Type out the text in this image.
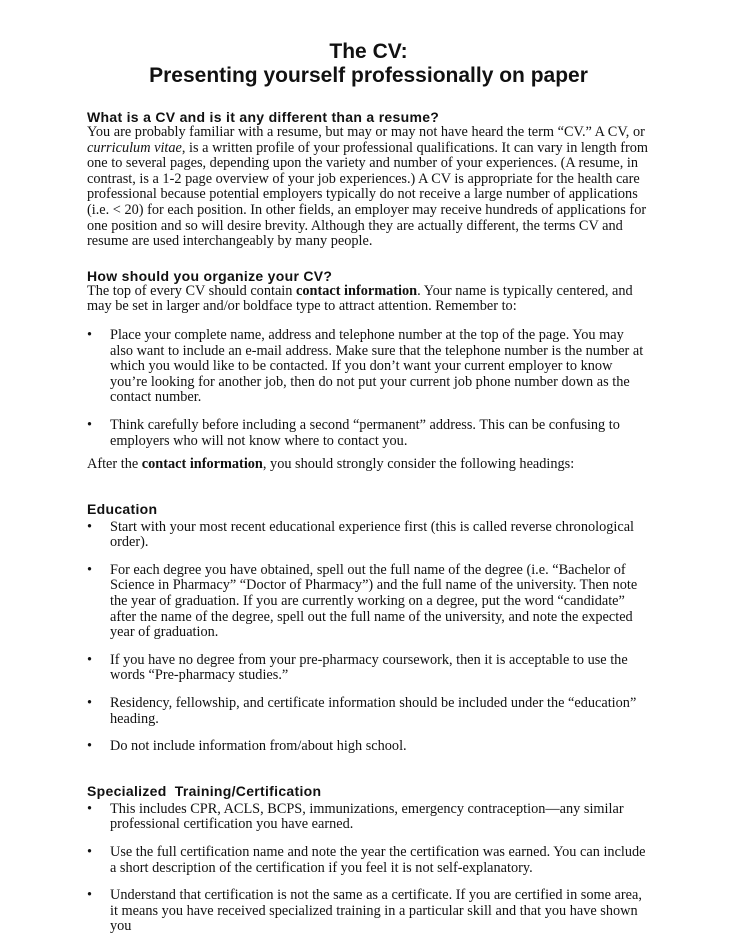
The CV:
Presenting yourself professionally on paper
What is a CV and is it any different than a resume?

You are probably familiar with a resume, but may or may not have heard the term “CV.” A CV, or curriculum vitae, is a written profile of your professional qualifications. It can vary in length from one to several pages, depending upon the variety and number of your experiences. (A resume, in contrast, is a 1-2 page overview of your job experiences.) A CV is appropriate for the health care professional because potential employers typically do not receive a large number of applications (i.e. < 20) for each position. In other fields, an employer may receive hundreds of applications for one position and so will desire brevity. Although they are actually different, the terms CV and resume are used interchangeably by many people.

How should you organize your CV?

The top of every CV should contain contact information. Your name is typically centered, and may be set in larger and/or boldface type to attract attention. Remember to:

• Place your complete name, address and telephone number at the top of the page. You may also want to include an e-mail address. Make sure that the telephone number is the number at which you would like to be contacted. If you don’t want your current employer to know you’re looking for another job, then do not put your current job phone number down as the contact number.
• Think carefully before including a second “permanent” address. This can be confusing to employers who will not know where to contact you.

After the contact information, you should strongly consider the following headings:

Education
• Start with your most recent educational experience first (this is called reverse chronological order).
• For each degree you have obtained, spell out the full name of the degree (i.e. “Bachelor of Science in Pharmacy” “Doctor of Pharmacy”) and the full name of the university. Then note the year of graduation. If you are currently working on a degree, put the word “candidate” after the name of the degree, spell out the full name of the university, and note the expected year of graduation.
• If you have no degree from your pre-pharmacy coursework, then it is acceptable to use the words “Pre-pharmacy studies.”
• Residency, fellowship, and certificate information should be included under the “education” heading.
• Do not include information from/about high school.
Specialized Training/Certification
• This includes CPR, ACLS, BCPS, immunizations, emergency contraception—any similar professional certification you have earned.
• Use the full certification name and note the year the certification was earned. You can include a short description of the certification if you feel it is not self-explanatory.
• Understand that certification is not the same as a certificate. If you are certified in some area, it means you have received specialized training in a particular skill and that you have shown you
